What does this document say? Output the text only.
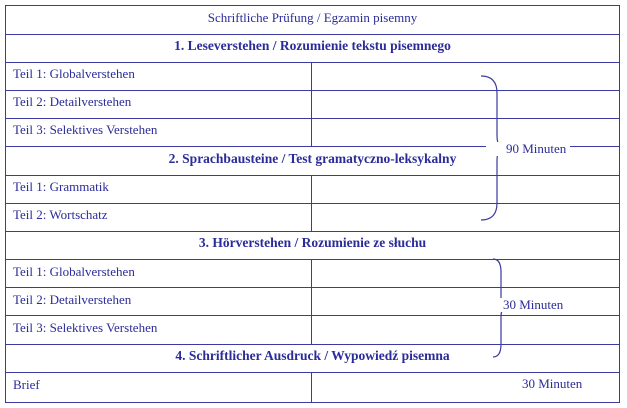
Schriftliche Prüfung / Egzamin pisemny
1. Leseverstehen / Rozumienie tekstu pisemnego
Teil 1: Globalverstehen
Teil 2: Detailverstehen
Teil 3: Selektives Verstehen
2. Sprachbausteine / Test gramatyczno-leksykalny
Teil 1: Grammatik
Teil 2: Wortschatz
3. Hörverstehen / Rozumienie ze słuchu
Teil 1: Globalverstehen
Teil 2: Detailverstehen
Teil 3: Selektives Verstehen
4. Schriftlicher Ausdruck / Wypowiedź pisemna
Brief
90 Minuten
30 Minuten
30 Minuten
